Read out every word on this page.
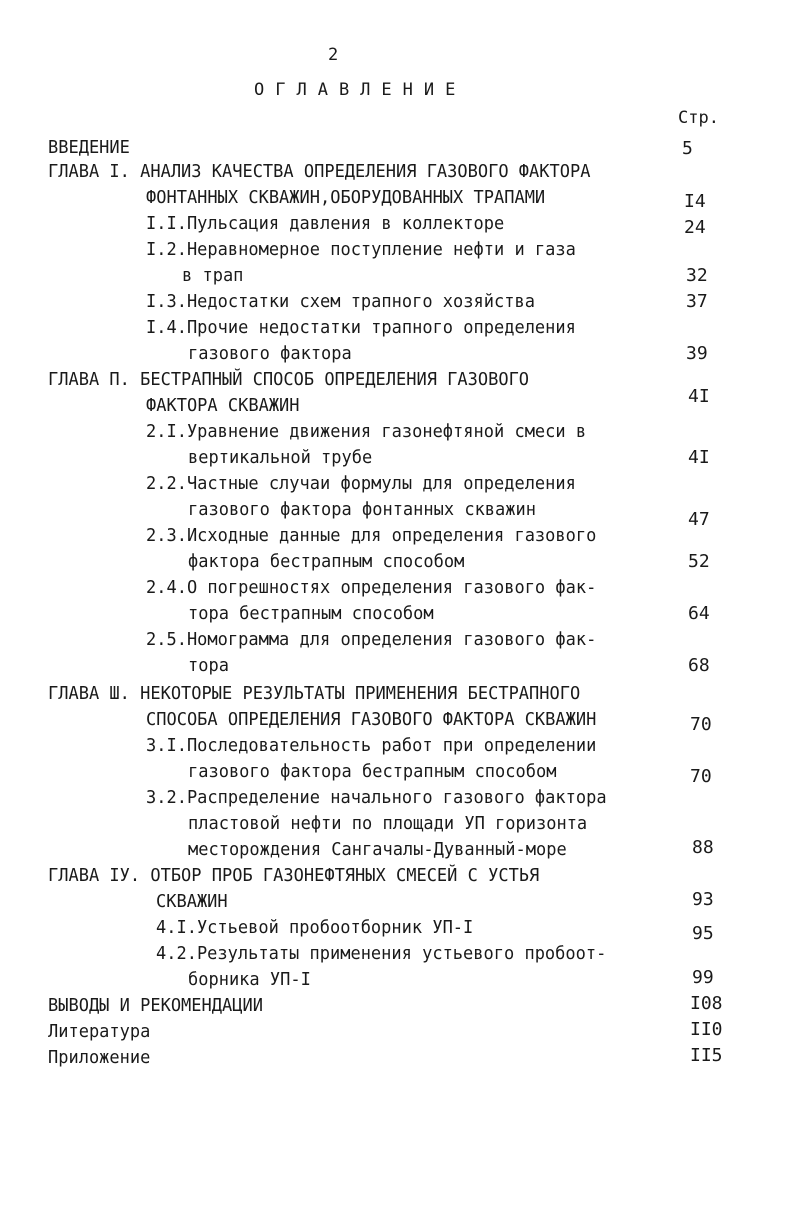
2
ОГЛАВЛЕНИЕ
Стр.
ВВЕДЕНИЕ	5
ГЛАВА I. АНАЛИЗ КАЧЕСТВА ОПРЕДЕЛЕНИЯ ГАЗОВОГО ФАКТОРА
ФОНТАННЫХ СКВАЖИН,ОБОРУДОВАННЫХ ТРАПАМИ	I4
I.I.Пульсация давления в коллекторе	24
I.2.Неравномерное поступление нефти и газа
в трап	32
I.3.Недостатки схем трапного хозяйства	37
I.4.Прочие недостатки трапного определения
газового фактора	39
ГЛАВА П. БЕСТРАПНЫЙ СПОСОБ ОПРЕДЕЛЕНИЯ ГАЗОВОГО
ФАКТОРА СКВАЖИН	4I
2.I.Уравнение движения газонефтяной смеси в
вертикальной трубе	4I
2.2.Частные случаи формулы для определения
газового фактора фонтанных скважин	47
2.3.Исходные данные для определения газового
фактора бестрапным способом	52
2.4.О погрешностях определения газового фак-
тора бестрапным способом	64
2.5.Номограмма для определения газового фак-
тора	68
ГЛАВА Ш. НЕКОТОРЫЕ РЕЗУЛЬТАТЫ ПРИМЕНЕНИЯ БЕСТРАПНОГО
СПОСОБА ОПРЕДЕЛЕНИЯ ГАЗОВОГО ФАКТОРА СКВАЖИН	70
3.I.Последовательность работ при определении
газового фактора бестрапным способом	70
3.2.Распределение начального газового фактора
пластовой нефти по площади УП горизонта
месторождения Сангачалы-Дуванный-море	88
ГЛАВА IУ. ОТБОР ПРОБ ГАЗОНЕФТЯНЫХ СМЕСЕЙ С УСТЬЯ
СКВАЖИН	93
4.I.Устьевой пробоотборник УП-I	95
4.2.Результаты применения устьевого пробоот-
борника УП-I	99
ВЫВОДЫ И РЕКОМЕНДАЦИИ	I08
Литература	II0
Приложение	II5
